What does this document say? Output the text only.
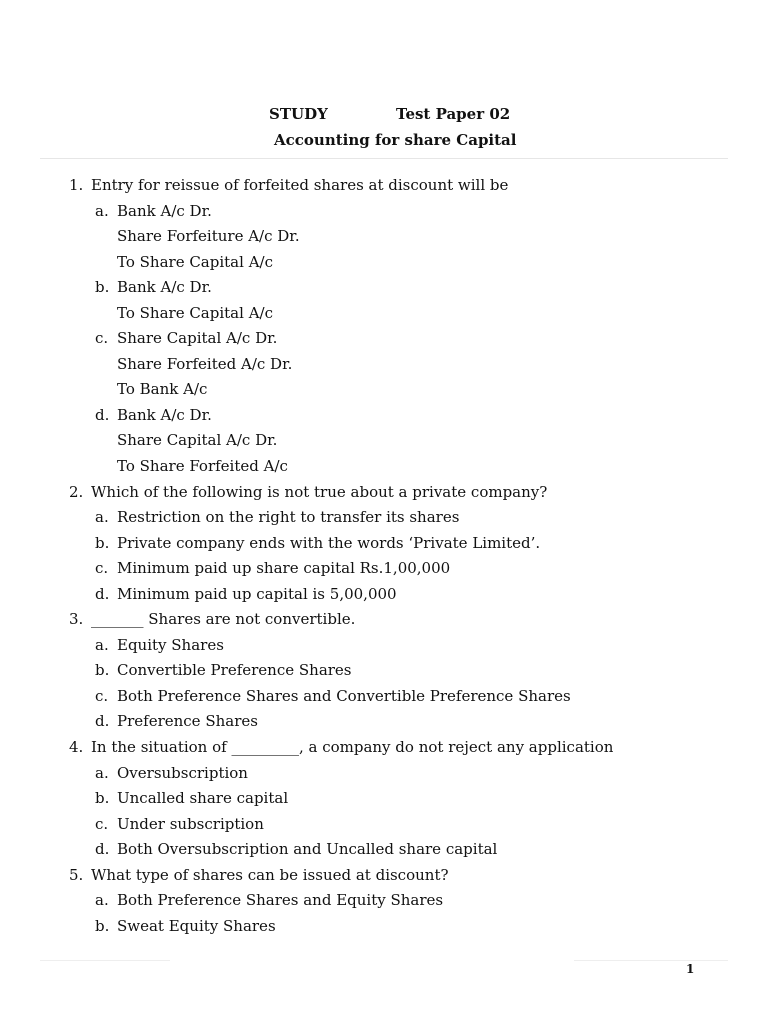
STUDY	Test Paper 02
Accounting for share Capital
1. Entry for reissue of forfeited shares at discount will be
a. Bank A/c Dr.
Share Forfeiture A/c Dr.
To Share Capital A/c
b. Bank A/c Dr.
To Share Capital A/c
c. Share Capital A/c Dr.
Share Forfeited A/c Dr.
To Bank A/c
d. Bank A/c Dr.
Share Capital A/c Dr.
To Share Forfeited A/c
2. Which of the following is not true about a private company?
a. Restriction on the right to transfer its shares
b. Private company ends with the words ‘Private Limited’.
c. Minimum paid up share capital Rs.1,00,000
d. Minimum paid up capital is 5,00,000
3. _______ Shares are not convertible.
a. Equity Shares
b. Convertible Preference Shares
c. Both Preference Shares and Convertible Preference Shares
d. Preference Shares
4. In the situation of _________, a company do not reject any application
a. Oversubscription
b. Uncalled share capital
c. Under subscription
d. Both Oversubscription and Uncalled share capital
5. What type of shares can be issued at discount?
a. Both Preference Shares and Equity Shares
b. Sweat Equity Shares
1
